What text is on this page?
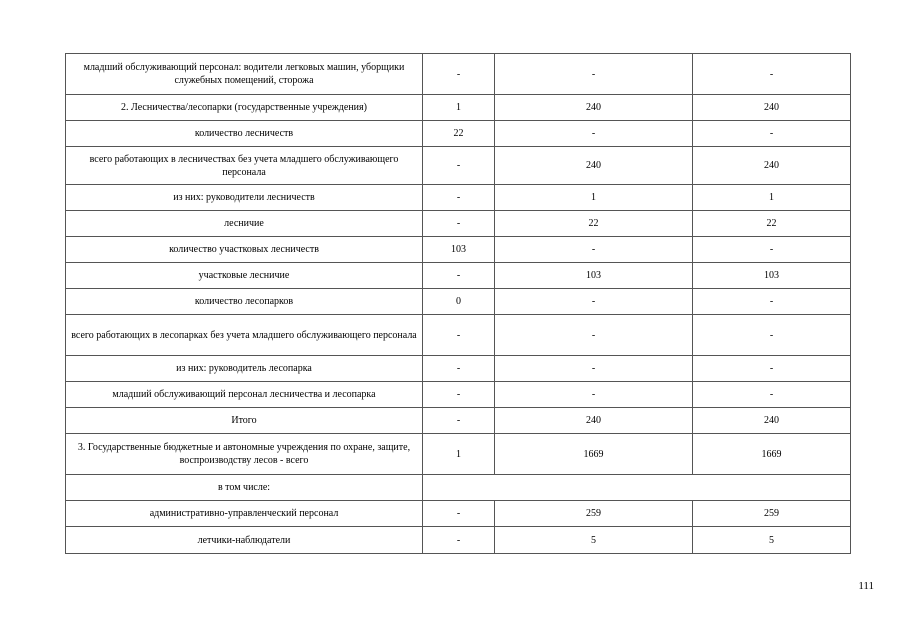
младший обслуживающий персонал: водители легковых машин, уборщики служебных помещений, сторожа	-	-	-
2. Лесничества/лесопарки (государственные учреждения)	1	240	240
количество лесничеств	22	-	-
всего работающих в лесничествах без учета младшего обслуживающего персонала	-	240	240
из них: руководители лесничеств	-	1	1
лесничие	-	22	22
количество участковых лесничеств	103	-	-
участковые лесничие	-	103	103
количество лесопарков	0	-	-
всего работающих в лесопарках без учета младшего обслуживающего персонала	-	-	-
из них: руководитель лесопарка	-	-	-
младший обслуживающий персонал лесничества и лесопарка	-	-	-
Итого	-	240	240
3. Государственные бюджетные и автономные учреждения по охране, защите, воспроизводству лесов - всего	1	1669	1669
в том числе:			
административно-управленческий персонал	-	259	259
летчики-наблюдатели	-	5	5
111
